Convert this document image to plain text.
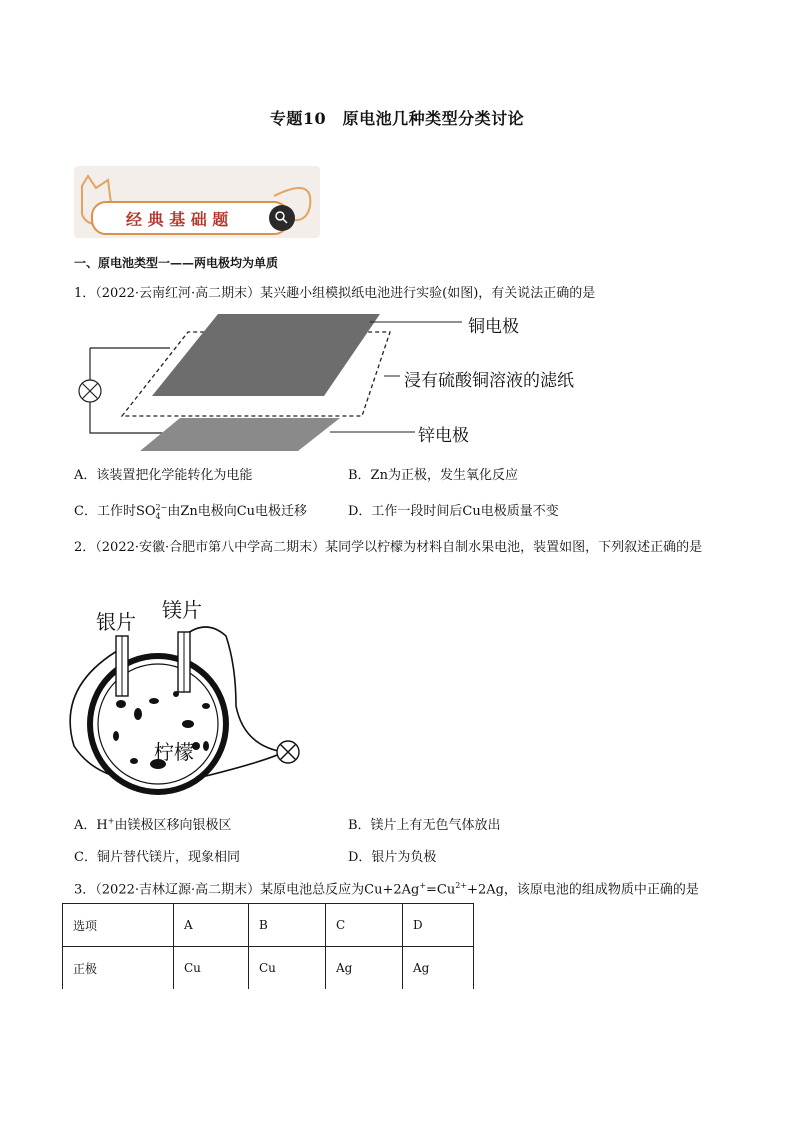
专题10　原电池几种类型分类讨论
经 典 基 础 题
一、原电池类型一——两电极均为单质
1．（2022·云南红河·高二期末）某兴趣小组模拟纸电池进行实验(如图)，有关说法正确的是
铜电极
浸有硫酸铜溶液的滤纸
锌电极
A．该装置把化学能转化为电能	B．Zn为正极，发生氧化反应
C．工作时SO 2−
4 由Zn电极向Cu电极迁移	D．工作一段时间后Cu电极质量不变
2．（2022·安徽·合肥市第八中学高二期末）某同学以柠檬为材料自制水果电池，装置如图，下列叙述正确的是
银片 镁片
柠檬
A．H+由镁极区移向银极区	B．镁片上有无色气体放出
C．铜片替代镁片，现象相同	D．银片为负极
3．（2022·吉林辽源·高二期末）某原电池总反应为$Cu+2Ag^+=Cu^{2+}+2Ag$，该原电池的组成物质中正确的是
选项	A	B	C	D
正极	Cu	Cu	Ag	Ag
